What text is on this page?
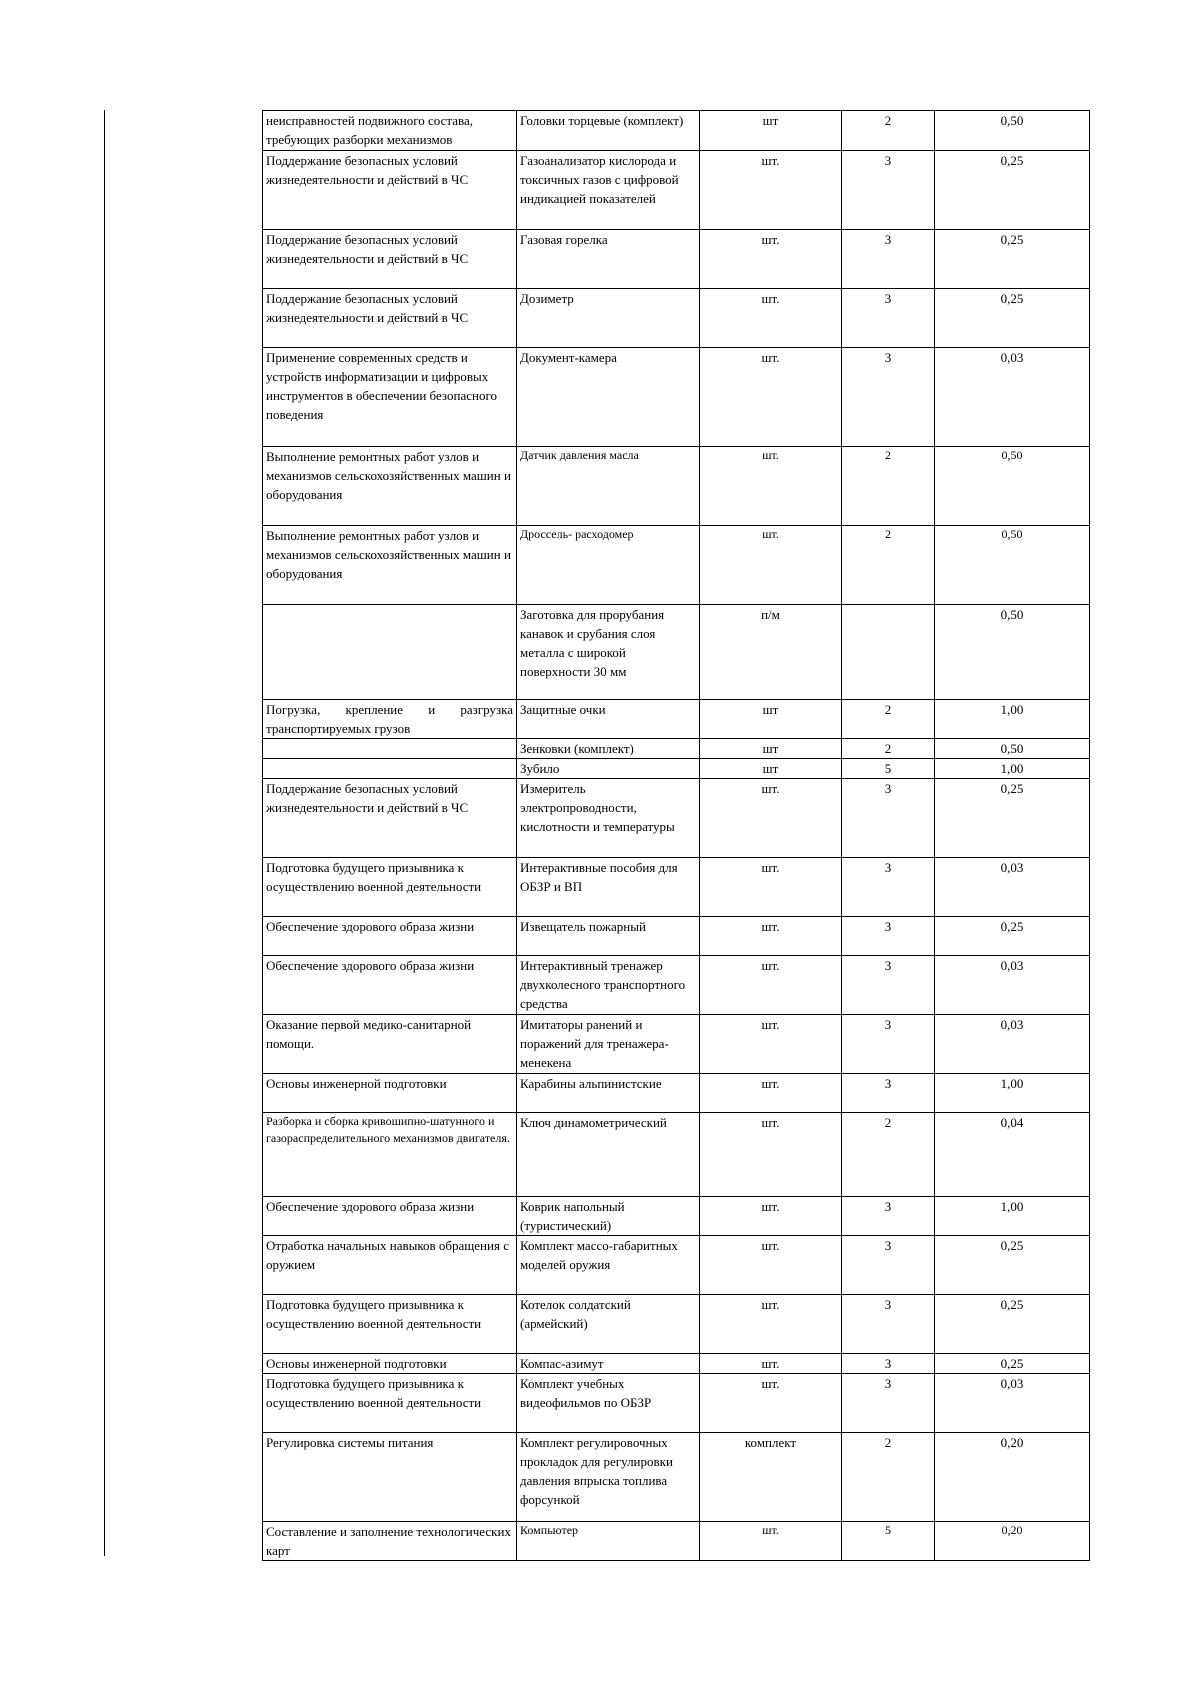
неисправностей подвижного состава, требующих разборки механизмов	Головки торцевые (комплект)	шт	2	0,50
Поддержание безопасных условий жизнедеятельности и действий в ЧС	Газоанализатор кислорода и токсичных газов с цифровой индикацией показателей	шт.	3	0,25
Поддержание безопасных условий жизнедеятельности и действий в ЧС	Газовая горелка	шт.	3	0,25
Поддержание безопасных условий жизнедеятельности и действий в ЧС	Дозиметр	шт.	3	0,25
Применение современных средств и устройств информатизации и цифровых инструментов в обеспечении безопасного поведения	Документ-камера	шт.	3	0,03
Выполнение ремонтных работ узлов и механизмов сельскохозяйственных машин и оборудования	Датчик давления масла	шт.	2	0,50
Выполнение ремонтных работ узлов и механизмов сельскохозяйственных машин и оборудования	Дроссель- расходомер	шт.	2	0,50
	Заготовка для прорубания канавок и срубания слоя металла с широкой поверхности 30 мм	п/м		0,50
Погрузка, крепление и разгрузка транспортируемых грузов	Защитные очки	шт	2	1,00
	Зенковки (комплект)	шт	2	0,50
	Зубило	шт	5	1,00
Поддержание безопасных условий жизнедеятельности и действий в ЧС	Измеритель электропроводности, кислотности и температуры	шт.	3	0,25
Подготовка будущего призывника к осуществлению военной деятельности	Интерактивные пособия для ОБЗР и ВП	шт.	3	0,03
Обеспечение здорового образа жизни	Извещатель пожарный	шт.	3	0,25
Обеспечение здорового образа жизни	Интерактивный тренажер двухколесного транспортного средства	шт.	3	0,03
Оказание первой медико-санитарной помощи.	Имитаторы ранений и поражений для тренажера-менекена	шт.	3	0,03
Основы инженерной подготовки	Карабины альпинистские	шт.	3	1,00
Разборка и сборка кривошипно-шатунного и газораспределительного механизмов двигателя.	Ключ динамометрический	шт.	2	0,04
Обеспечение здорового образа жизни	Коврик напольный (туристический)	шт.	3	1,00
Отработка начальных навыков обращения с оружием	Комплект массо-габаритных моделей оружия	шт.	3	0,25
Подготовка будущего призывника к осуществлению военной деятельности	Котелок солдатский (армейский)	шт.	3	0,25
Основы инженерной подготовки	Компас-азимут	шт.	3	0,25
Подготовка будущего призывника к осуществлению военной деятельности	Комплект учебных видеофильмов по ОБЗР	шт.	3	0,03
Регулировка системы питания	Комплект регулировочных прокладок для регулировки давления впрыска топлива форсункой	комплект	2	0,20
Составление и заполнение технологических карт	Компьютер	шт.	5	0,20
